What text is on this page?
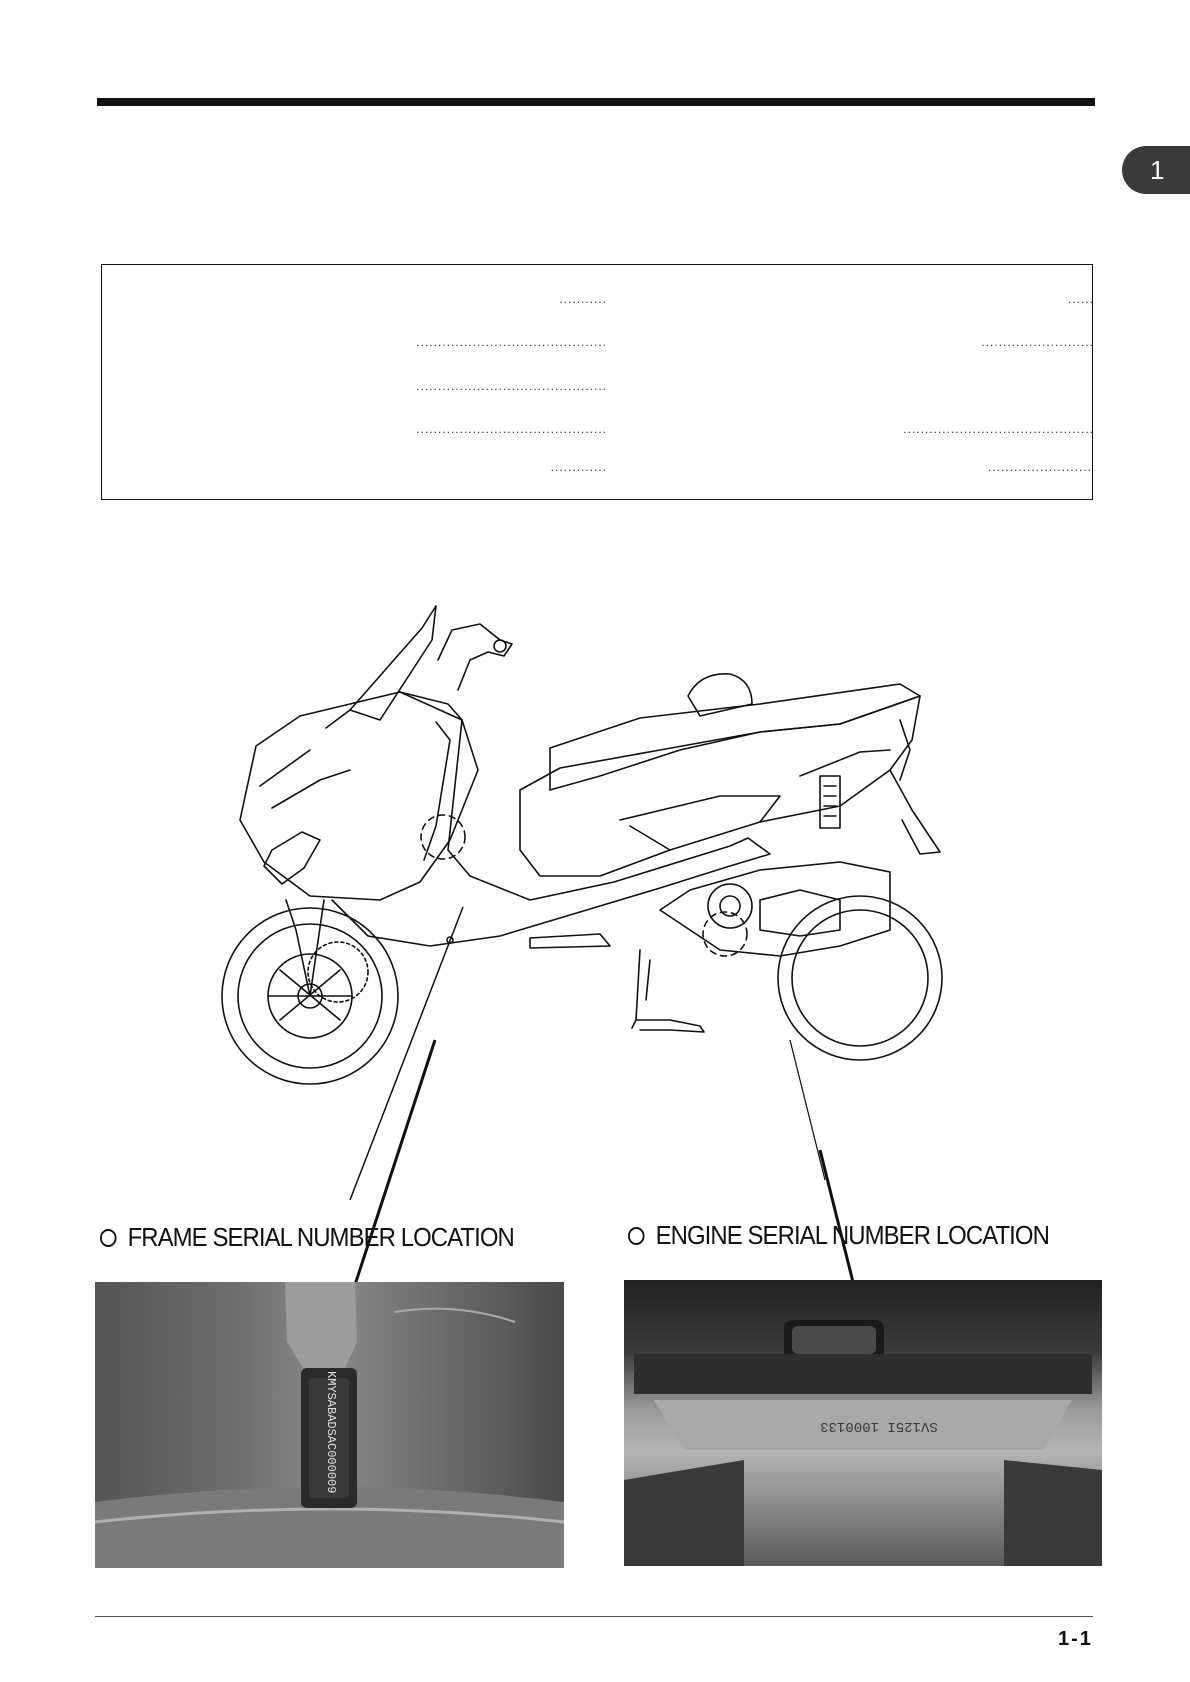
1
...........
............................................
............................................
............................................
.............
......
..........................
............................................
........................
FRAME SERIAL NUMBER LOCATION	ENGINE SERIAL NUMBER LOCATION
KMYSABADSAC000009	SV125I 1000133
1-1
